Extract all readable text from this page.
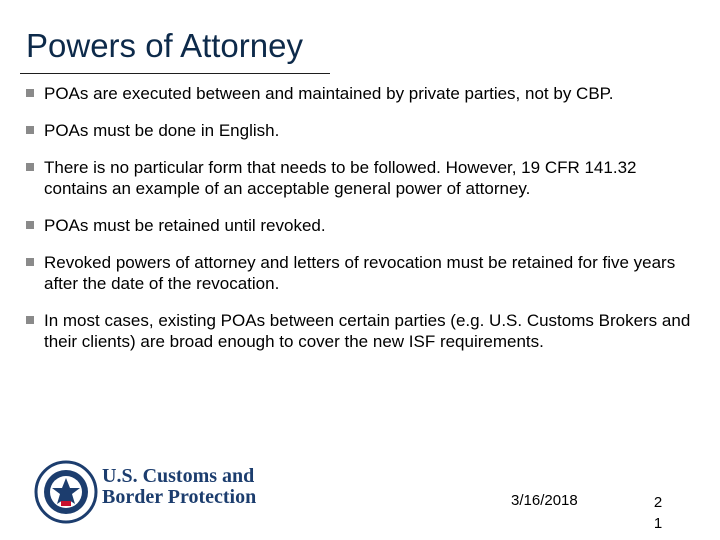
Powers of Attorney
POAs are executed between and maintained by private parties, not by CBP.
POAs must be done in English.
There is no particular form that needs to be followed. However, 19 CFR 141.32 contains an example of an acceptable general power of attorney.
POAs must be retained until revoked.
Revoked powers of attorney and letters of revocation must be retained for five years after the date of the revocation.
In most cases, existing POAs between certain parties (e.g. U.S. Customs Brokers and their clients) are broad enough to cover the new ISF requirements.
U.S. Customs and
Border Protection	3/16/2018	2
1
